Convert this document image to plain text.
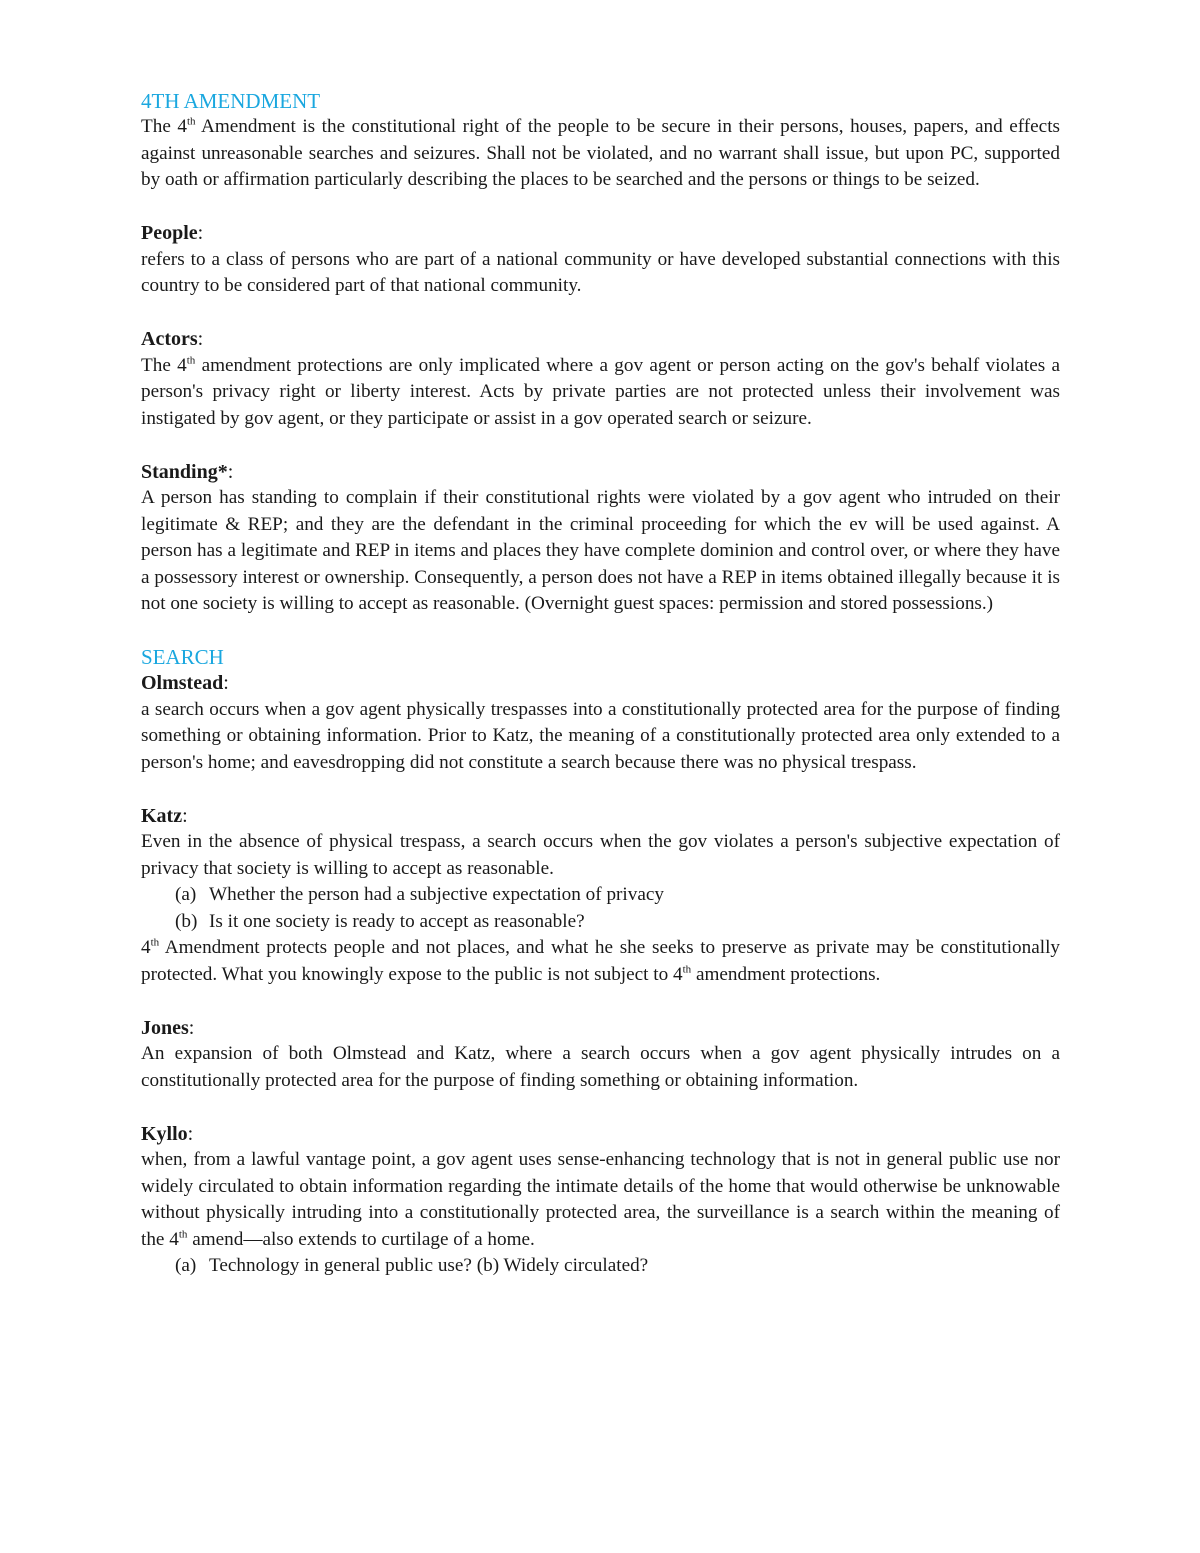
4TH AMENDMENT

The 4th Amendment is the constitutional right of the people to be secure in their persons, houses, papers, and effects against unreasonable searches and seizures. Shall not be violated, and no warrant shall issue, but upon PC, supported by oath or affirmation particularly describing the places to be searched and the persons or things to be seized.

People:

refers to a class of persons who are part of a national community or have developed substantial connections with this country to be considered part of that national community.

Actors:

The 4th amendment protections are only implicated where a gov agent or person acting on the gov's behalf violates a person's privacy right or liberty interest. Acts by private parties are not protected unless their involvement was instigated by gov agent, or they participate or assist in a gov operated search or seizure.

Standing*:

A person has standing to complain if their constitutional rights were violated by a gov agent who intruded on their legitimate & REP; and they are the defendant in the criminal proceeding for which the ev will be used against. A person has a legitimate and REP in items and places they have complete dominion and control over, or where they have a possessory interest or ownership. Consequently, a person does not have a REP in items obtained illegally because it is not one society is willing to accept as reasonable. (Overnight guest spaces: permission and stored possessions.)

SEARCH
Olmstead:

a search occurs when a gov agent physically trespasses into a constitutionally protected area for the purpose of finding something or obtaining information. Prior to Katz, the meaning of a constitutionally protected area only extended to a person's home; and eavesdropping did not constitute a search because there was no physical trespass.

Katz:

Even in the absence of physical trespass, a search occurs when the gov violates a person's subjective expectation of privacy that society is willing to accept as reasonable.

(a) Whether the person had a subjective expectation of privacy
(b) Is it one society is ready to accept as reasonable?

4th Amendment protects people and not places, and what he she seeks to preserve as private may be constitutionally protected. What you knowingly expose to the public is not subject to 4th amendment protections.

Jones:

An expansion of both Olmstead and Katz, where a search occurs when a gov agent physically intrudes on a constitutionally protected area for the purpose of finding something or obtaining information.

Kyllo:

when, from a lawful vantage point, a gov agent uses sense-enhancing technology that is not in general public use nor widely circulated to obtain information regarding the intimate details of the home that would otherwise be unknowable without physically intruding into a constitutionally protected area, the surveillance is a search within the meaning of the 4th amend—also extends to curtilage of a home.

(a) Technology in general public use? (b) Widely circulated?
